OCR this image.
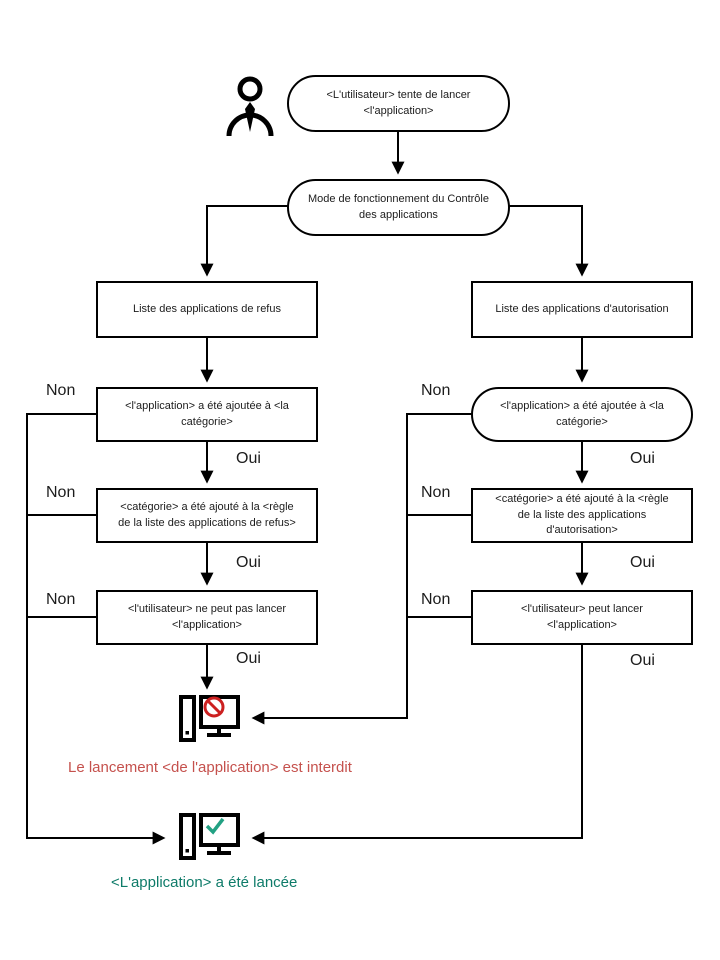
<L'utilisateur> tente de lancer <l'application>
Mode de fonctionnement du Contrôle des applications
Liste des applications de refus	Liste des applications d'autorisation
<l'application> a été ajoutée à <la catégorie>
<catégorie> a été ajouté à la <règle de la liste des applications de refus>
<l'utilisateur> ne peut pas lancer <l'application>
<l'application> a été ajoutée à <la catégorie>
<catégorie> a été ajouté à la <règle de la liste des applications d'autorisation>
<l'utilisateur> peut lancer <l'application>
Non
Non
Non
Oui
Oui
Oui
Non
Non
Non
Oui
Oui
Oui
Le lancement <de l'application> est interdit
<L'application> a été lancée
